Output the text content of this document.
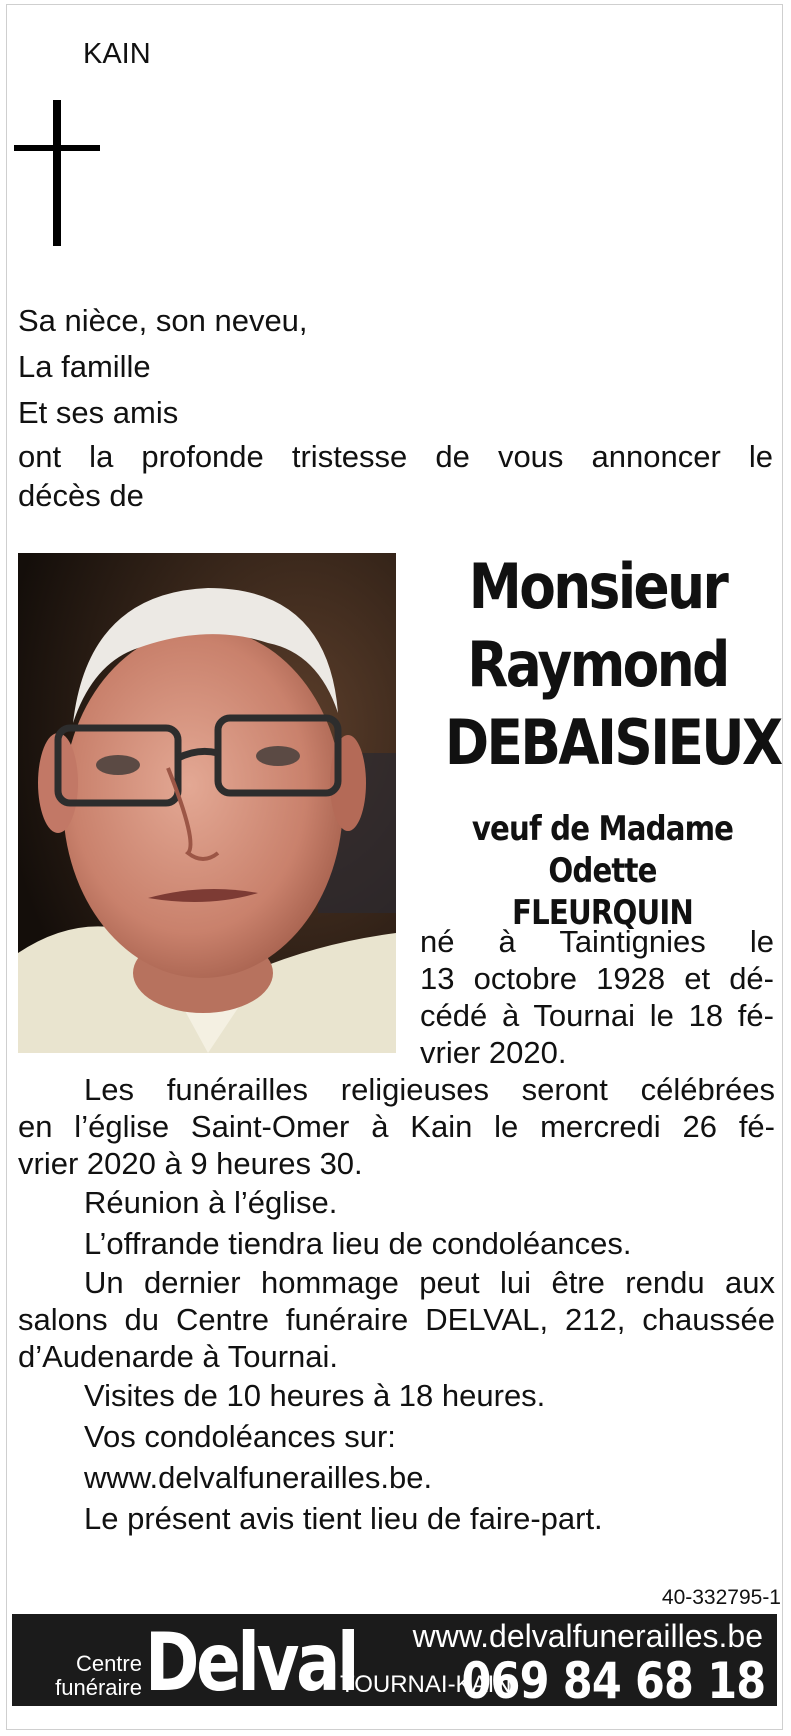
KAIN
Sa nièce, son neveu,
La famille
Et ses amis
ont la profonde tristesse de vous annoncer le
décès de
Monsieur
Raymond
DEBAISIEUX
veuf de Madame
Odette FLEURQUIN
né à Taintignies le
13 octobre 1928 et dé-
cédé à Tournai le 18 fé-
vrier 2020.
Les funérailles religieuses seront célébrées
en l’église Saint-Omer à Kain le mercredi 26 fé-
vrier 2020 à 9 heures 30.
Réunion à l’église.
L’offrande tiendra lieu de condoléances.
Un dernier hommage peut lui être rendu aux
salons du Centre funéraire DELVAL, 212, chaussée
d’Audenarde à Tournai.
Visites de 10 heures à 18 heures.
Vos condoléances sur:
www.delvalfunerailles.be.
Le présent avis tient lieu de faire-part.
40-332795-1
Centre
funéraire Delval www.delvalfunerailles.be
TOURNAI-KAIN
069 84 68 18
